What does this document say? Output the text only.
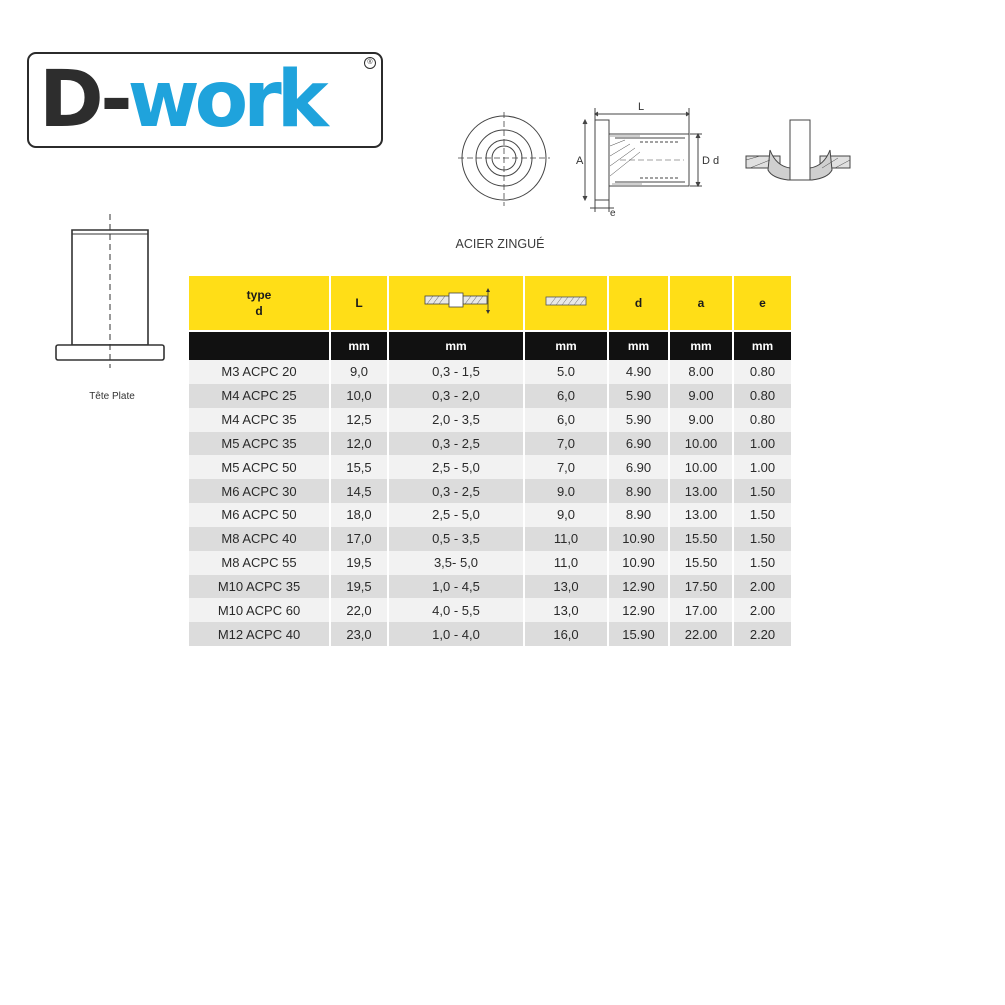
D-work	®
L
A	D d
e
Tête Plate
ACIER ZINGUÉ
type
d	L			d	a	e
	mm	mm	mm	mm	mm	mm
M3 ACPC 20	9,0	0,3 - 1,5	5.0	4.90	8.00	0.80
M4 ACPC 25	10,0	0,3 - 2,0	6,0	5.90	9.00	0.80
M4 ACPC 35	12,5	2,0 - 3,5	6,0	5.90	9.00	0.80
M5 ACPC 35	12,0	0,3 - 2,5	7,0	6.90	10.00	1.00
M5 ACPC 50	15,5	2,5 - 5,0	7,0	6.90	10.00	1.00
M6 ACPC 30	14,5	0,3 - 2,5	9.0	8.90	13.00	1.50
M6 ACPC 50	18,0	2,5 - 5,0	9,0	8.90	13.00	1.50
M8 ACPC 40	17,0	0,5 - 3,5	11,0	10.90	15.50	1.50
M8 ACPC 55	19,5	3,5- 5,0	11,0	10.90	15.50	1.50
M10 ACPC 35	19,5	1,0 - 4,5	13,0	12.90	17.50	2.00
M10 ACPC 60	22,0	4,0 - 5,5	13,0	12.90	17.00	2.00
M12 ACPC 40	23,0	1,0 - 4,0	16,0	15.90	22.00	2.20
